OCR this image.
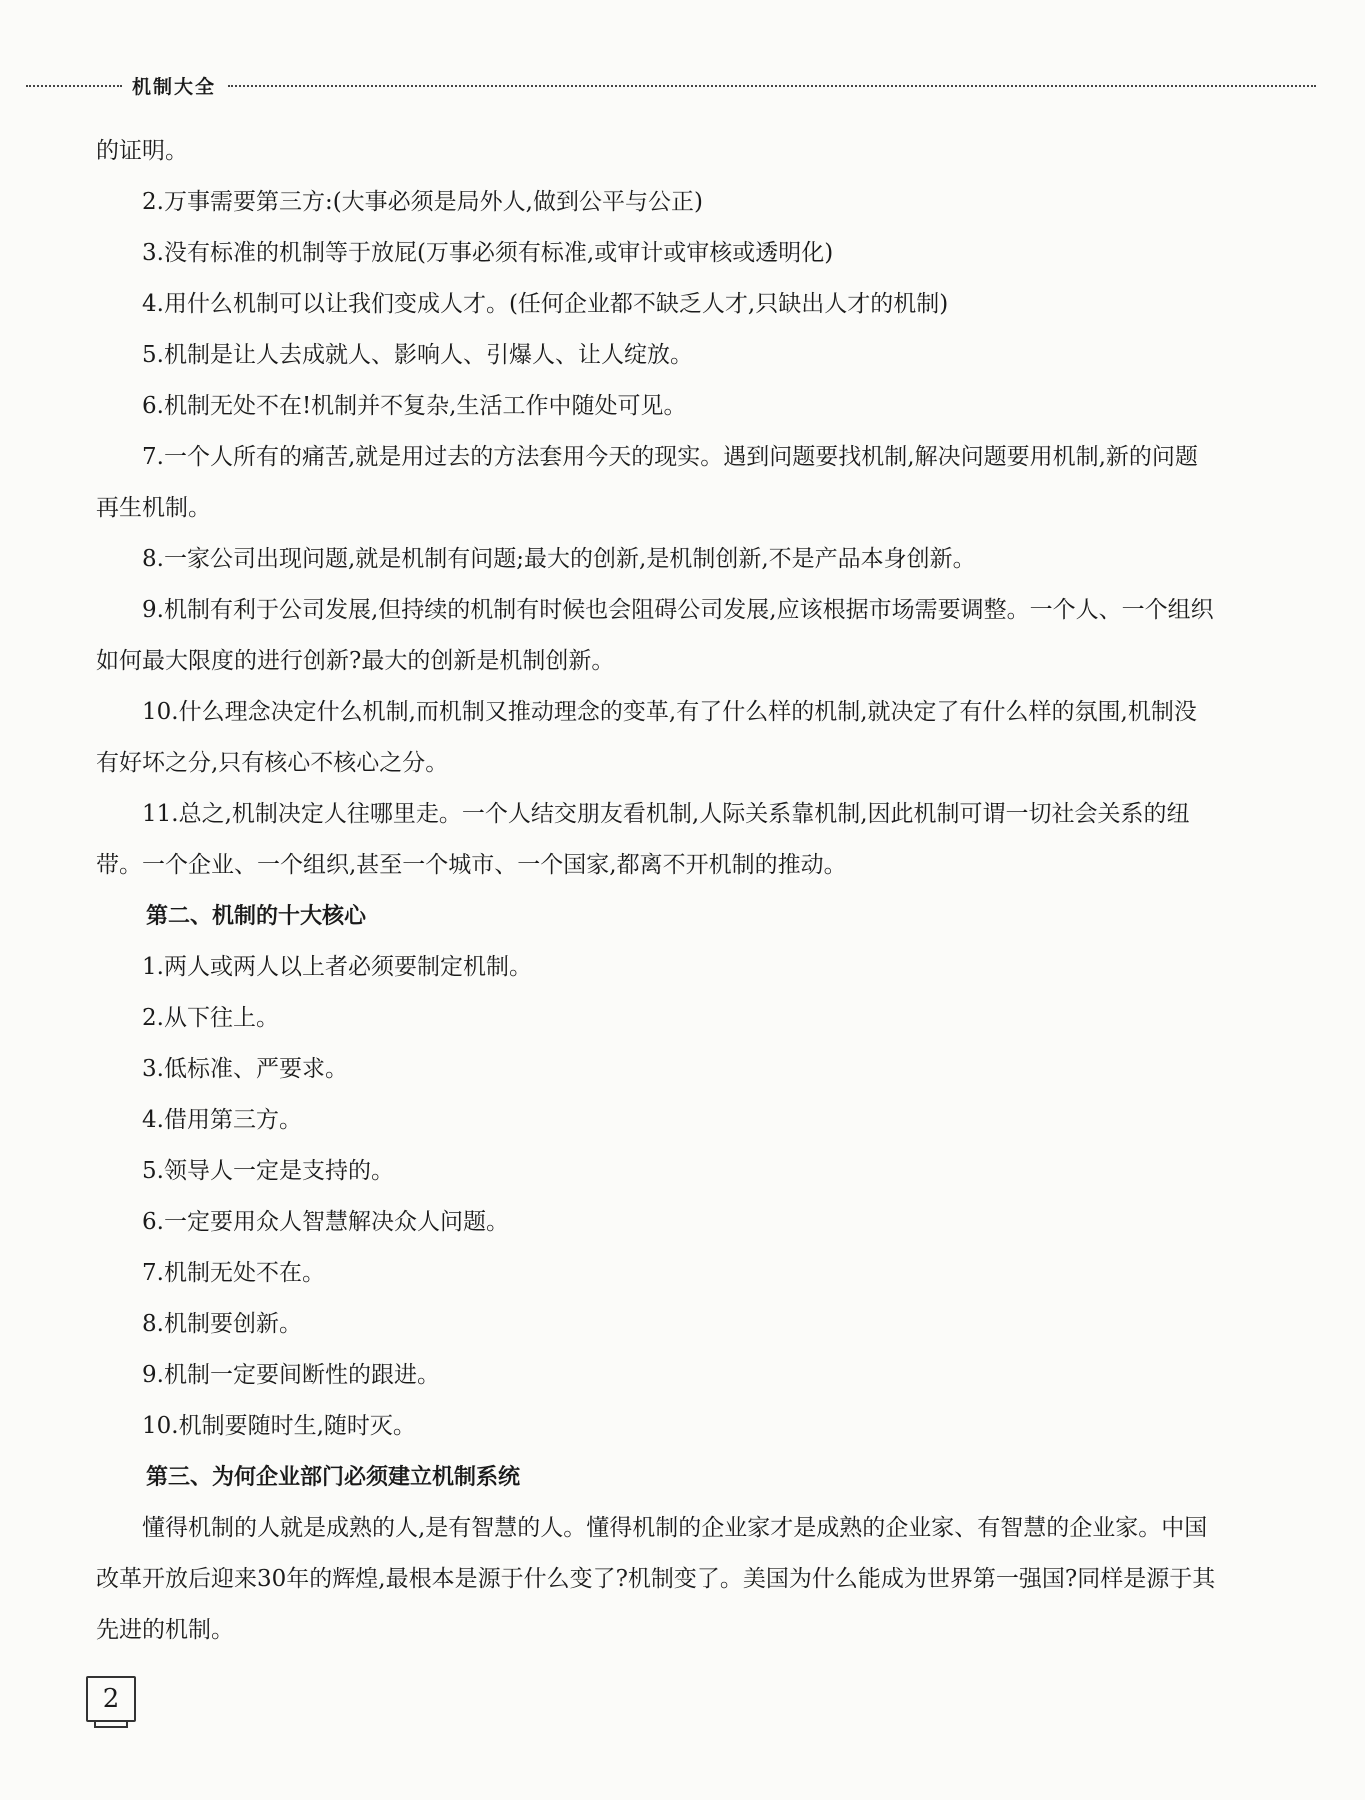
机制大全

的证明。

2.万事需要第三方:(大事必须是局外人,做到公平与公正)

3.没有标准的机制等于放屁(万事必须有标准,或审计或审核或透明化)

4.用什么机制可以让我们变成人才。(任何企业都不缺乏人才,只缺出人才的机制)

5.机制是让人去成就人、影响人、引爆人、让人绽放。

6.机制无处不在!机制并不复杂,生活工作中随处可见。

7.一个人所有的痛苦,就是用过去的方法套用今天的现实。遇到问题要找机制,解决问题要用机制,新的问题再生机制。

8.一家公司出现问题,就是机制有问题;最大的创新,是机制创新,不是产品本身创新。

9.机制有利于公司发展,但持续的机制有时候也会阻碍公司发展,应该根据市场需要调整。一个人、一个组织如何最大限度的进行创新?最大的创新是机制创新。

10.什么理念决定什么机制,而机制又推动理念的变革,有了什么样的机制,就决定了有什么样的氛围,机制没有好坏之分,只有核心不核心之分。

11.总之,机制决定人往哪里走。一个人结交朋友看机制,人际关系靠机制,因此机制可谓一切社会关系的纽带。一个企业、一个组织,甚至一个城市、一个国家,都离不开机制的推动。

第二、机制的十大核心

1.两人或两人以上者必须要制定机制。

2.从下往上。

3.低标准、严要求。

4.借用第三方。

5.领导人一定是支持的。

6.一定要用众人智慧解决众人问题。

7.机制无处不在。

8.机制要创新。

9.机制一定要间断性的跟进。

10.机制要随时生,随时灭。

第三、为何企业部门必须建立机制系统

懂得机制的人就是成熟的人,是有智慧的人。懂得机制的企业家才是成熟的企业家、有智慧的企业家。中国改革开放后迎来30年的辉煌,最根本是源于什么变了?机制变了。美国为什么能成为世界第一强国?同样是源于其先进的机制。

2
